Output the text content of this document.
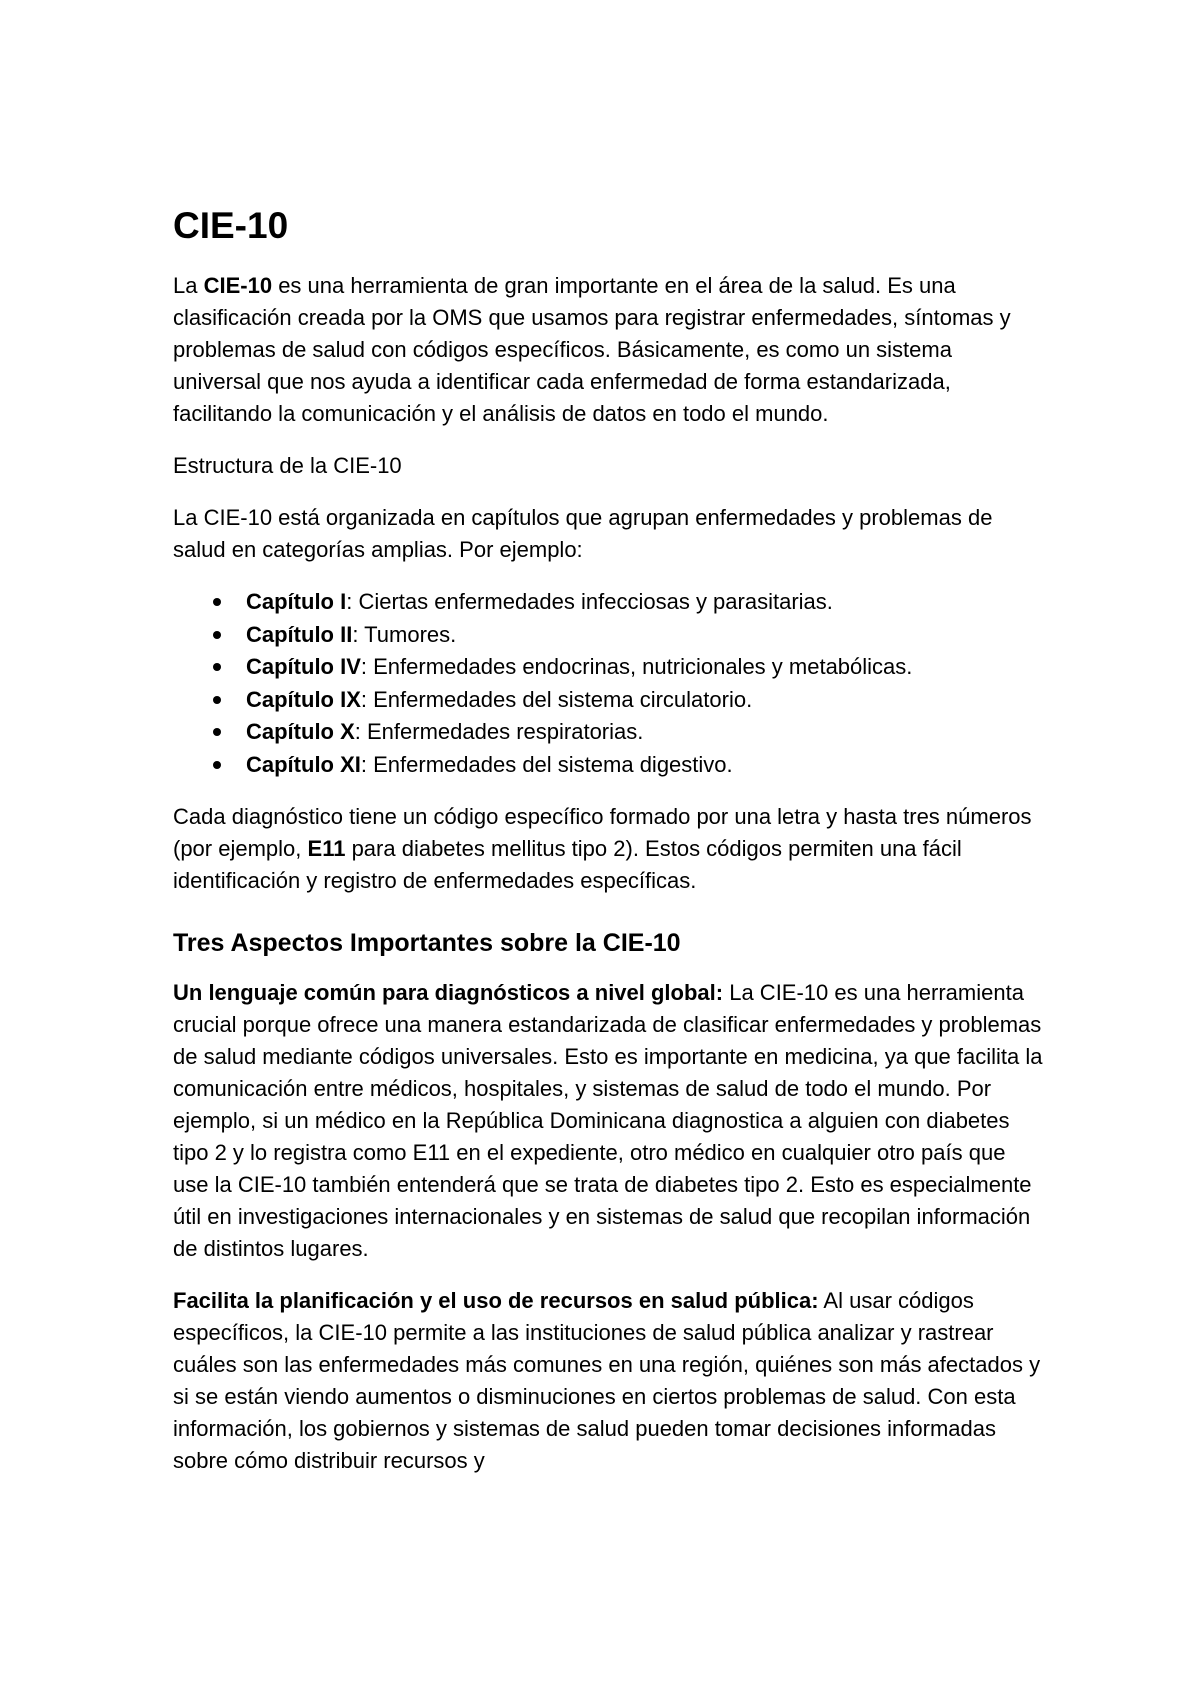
CIE-10

La CIE-10 es una herramienta de gran importante en el área de la salud. Es una clasificación creada por la OMS que usamos para registrar enfermedades, síntomas y problemas de salud con códigos específicos. Básicamente, es como un sistema universal que nos ayuda a identificar cada enfermedad de forma estandarizada, facilitando la comunicación y el análisis de datos en todo el mundo.

Estructura de la CIE-10

La CIE-10 está organizada en capítulos que agrupan enfermedades y problemas de salud en categorías amplias. Por ejemplo:

Capítulo I: Ciertas enfermedades infecciosas y parasitarias.
Capítulo II: Tumores.
Capítulo IV: Enfermedades endocrinas, nutricionales y metabólicas.
Capítulo IX: Enfermedades del sistema circulatorio.
Capítulo X: Enfermedades respiratorias.
Capítulo XI: Enfermedades del sistema digestivo.

Cada diagnóstico tiene un código específico formado por una letra y hasta tres números (por ejemplo, E11 para diabetes mellitus tipo 2). Estos códigos permiten una fácil identificación y registro de enfermedades específicas.

Tres Aspectos Importantes sobre la CIE-10

Un lenguaje común para diagnósticos a nivel global: La CIE-10 es una herramienta crucial porque ofrece una manera estandarizada de clasificar enfermedades y problemas de salud mediante códigos universales. Esto es importante en medicina, ya que facilita la comunicación entre médicos, hospitales, y sistemas de salud de todo el mundo. Por ejemplo, si un médico en la República Dominicana diagnostica a alguien con diabetes tipo 2 y lo registra como E11 en el expediente, otro médico en cualquier otro país que use la CIE-10 también entenderá que se trata de diabetes tipo 2. Esto es especialmente útil en investigaciones internacionales y en sistemas de salud que recopilan información de distintos lugares.

Facilita la planificación y el uso de recursos en salud pública: Al usar códigos específicos, la CIE-10 permite a las instituciones de salud pública analizar y rastrear cuáles son las enfermedades más comunes en una región, quiénes son más afectados y si se están viendo aumentos o disminuciones en ciertos problemas de salud. Con esta información, los gobiernos y sistemas de salud pueden tomar decisiones informadas sobre cómo distribuir recursos y
